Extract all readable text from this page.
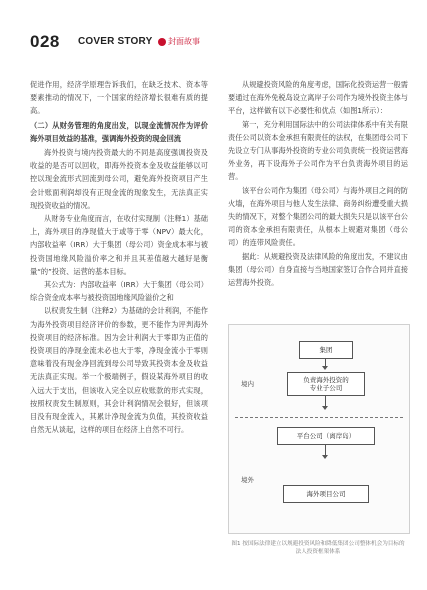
028 COVER STORY 封面故事

促进作用，经济学原理告诉我们，在缺乏技术、资本等要素推动的情况下，一个国家的经济增长很难有质的提高。

（二）从财务管理的角度出发，以现金流情况作为评价海外项目效益的基准，强调海外投资的现金回流

海外投资与境内投资最大的不同是高度强调投资及收益的是否可以回收，即海外投资本金及收益能够以可控以现金流形式回流到母公司，避免海外投资项目产生会计账面利润却没有正现金流的现象发生，无法真正实现投资收益的情况。

从财务专业角度而言，在收付实现制（注释1）基础上，海外项目的净现值大于或等于零（NPV）最大化，内部收益率（IRR）大于集团（母公司）资金成本率与被投资国地缘风险溢价率之和并且其差值越大越好是衡量“的”投资、运营的基本目标。

其公式为：内部收益率（IRR）大于集团（母公司）综合资金成本率与被投资国地缘风险溢价之和

以权责发生制（注释2）为基础的会计利润，不能作为海外投资项目经济评价的参数，更不能作为评判海外投资项目的经济标准。因为会计利润大于零即为正值的投资项目的净现金流未必也大于零，净现金流小于零则意味着没有现金净回流到母公司导致其投资本金及收益无法真正实现。举一个极端例子，假设某海外项目的收入远大于支出，但该收入完全以应收账款的形式实现，按照权责发生制原则，其会计利润情况会很好，但该项目没有现金流入，其累计净现金流为负值，其投资收益自然无从谈起，这样的项目在经济上自然不可行。

从规避投资风险的角度考虑，国际化投资运营一般需要通过在海外免税岛设立离岸子公司作为境外投资主体与平台，这样做有以下必要性和优点（如图1所示）：

第一，充分利用国际法中的公司法律体系中有关有限责任公司以资本金承担有限责任的法权，在集团母公司下先设立专门从事海外投资的专业公司负责统一投资运营海外业务，再下设海外子公司作为平台负责海外项目的运营。

该平台公司作为集团（母公司）与海外项目之间的防火墙，在海外项目与他人发生法律、商务纠纷遭受重大损失的情况下，对整个集团公司的最大损失只是以该平台公司的资本金承担有限责任，从根本上规避对集团（母公司）的连带风险责任。

据此：从规避投资及法律风险的角度出发，不建议由集团（母公司）自身直接与当地国家签订合作合同并直接运营海外投资。

集团
境内	负责海外投资的
专业子公司
平台公司（离岸岛）
境外
海外项目公司
图1 按国际法律建立以规避投资风险和降低集团公司整体机会为目标的法人投资框架体系
